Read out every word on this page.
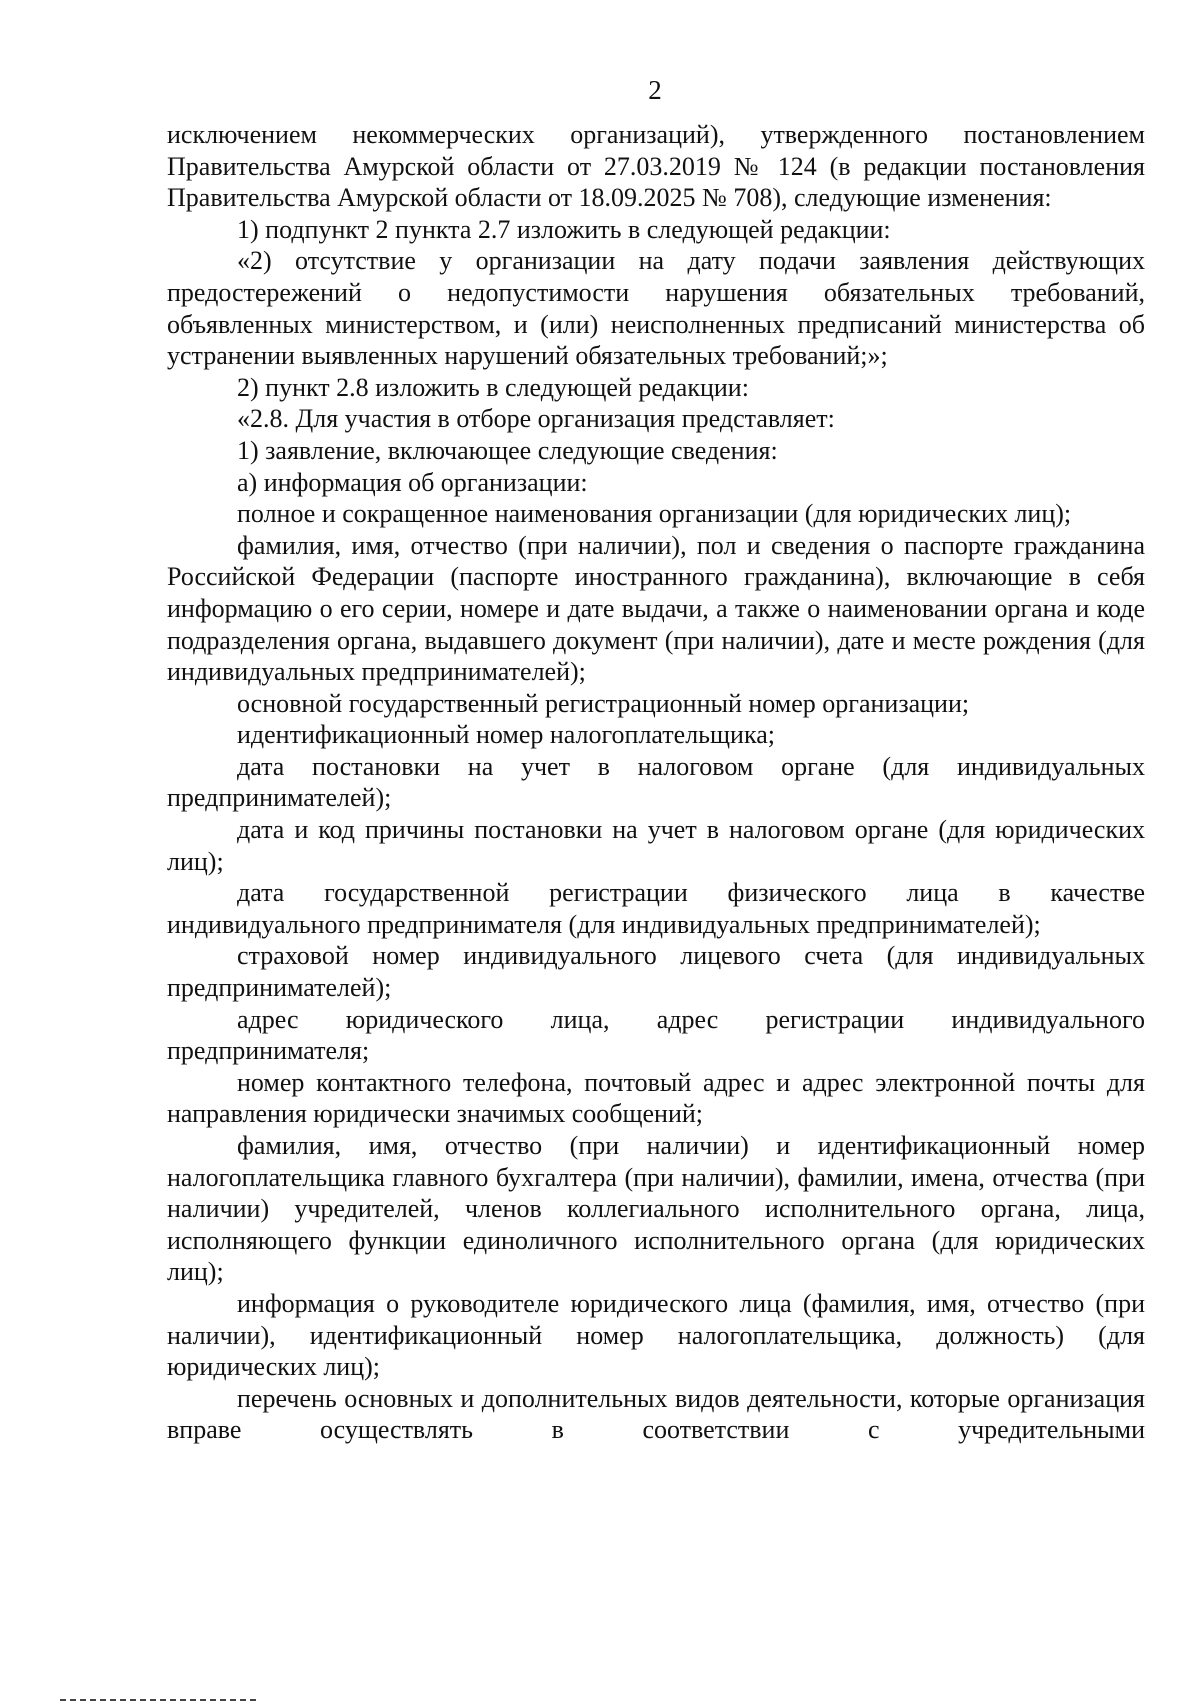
2

исключением некоммерческих организаций), утвержденного постановлением Правительства Амурской области от 27.03.2019 № 124 (в редакции постановления Правительства Амурской области от 18.09.2025 № 708), следующие изменения:

1) подпункт 2 пункта 2.7 изложить в следующей редакции:

«2) отсутствие у организации на дату подачи заявления действующих предостережений о недопустимости нарушения обязательных требований, объявленных министерством, и (или) неисполненных предписаний министерства об устранении выявленных нарушений обязательных требований;»;

2) пункт 2.8 изложить в следующей редакции:

«2.8. Для участия в отборе организация представляет:

1) заявление, включающее следующие сведения:

а) информация об организации:

полное и сокращенное наименования организации (для юридических лиц);

фамилия, имя, отчество (при наличии), пол и сведения о паспорте гражданина Российской Федерации (паспорте иностранного гражданина), включающие в себя информацию о его серии, номере и дате выдачи, а также о наименовании органа и коде подразделения органа, выдавшего документ (при наличии), дате и месте рождения (для индивидуальных предпринимателей);

основной государственный регистрационный номер организации;

идентификационный номер налогоплательщика;

дата постановки на учет в налоговом органе (для индивидуальных предпринимателей);

дата и код причины постановки на учет в налоговом органе (для юридических лиц);

дата государственной регистрации физического лица в качестве индивидуального предпринимателя (для индивидуальных предпринимателей);

страховой номер индивидуального лицевого счета (для индивидуальных предпринимателей);

адрес юридического лица, адрес регистрации индивидуального предпринимателя;

номер контактного телефона, почтовый адрес и адрес электронной почты для направления юридически значимых сообщений;

фамилия, имя, отчество (при наличии) и идентификационный номер налогоплательщика главного бухгалтера (при наличии), фамилии, имена, отчества (при наличии) учредителей, членов коллегиального исполнительного органа, лица, исполняющего функции единоличного исполнительного органа (для юридических лиц);

информация о руководителе юридического лица (фамилия, имя, отчество (при наличии), идентификационный номер налогоплательщика, должность) (для юридических лиц);

перечень основных и дополнительных видов деятельности, которые организация вправе осуществлять в соответствии с учредительными
